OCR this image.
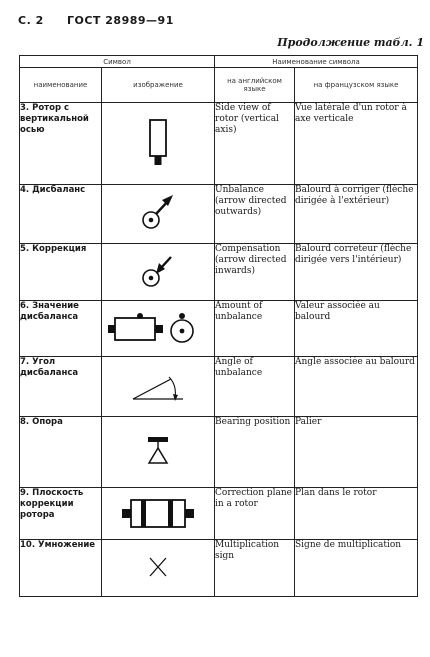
С. 2 ГОСТ 28989—91
Продолжение табл. 1
Символ		Наименование символа	
наименование	изображение	на английском языке	на французском языке
3. Ротор с вертикальной осью		Side view of rotor (vertical axis)	Vue latérale d'un rotor à axe verticale
4. Дисбаланс		Unbalance (arrow directed outwards)	Balourd à corriger (flèche dirigée à l'extérieur)
5. Коррекция		Compensation (arrow directed inwards)	Balourd correteur (flèche dirigée vers l'intérieur)
6. Значение дисбаланса		Amount of unbalance	Valeur associée au balourd
7. Угол дисбаланса		Angle of unbalance	Angle associée au balourd
8. Опора		Bearing position	Palier
9. Плоскость коррекции ротора		Correction plane in a rotor	Plan dans le rotor
10. Умножение		Multiplication sign	Signe de multiplication
